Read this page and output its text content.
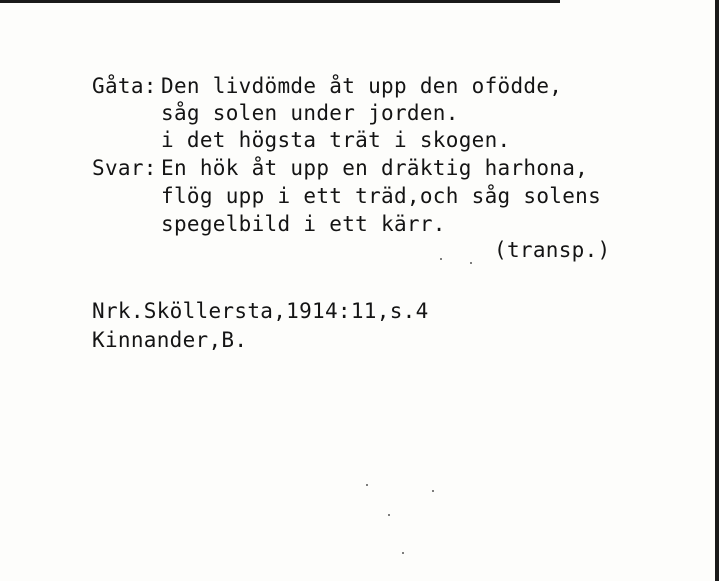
Gåta: Den livdömde åt upp den ofödde,
såg solen under jorden.
i det högsta trät i skogen.
Svar: En hök åt upp en dräktig harhona,
flög upp i ett träd,och såg solens
spegelbild i ett kärr.
(transp.)
Nrk.Sköllersta,1914:11,s.4
Kinnander,B.
